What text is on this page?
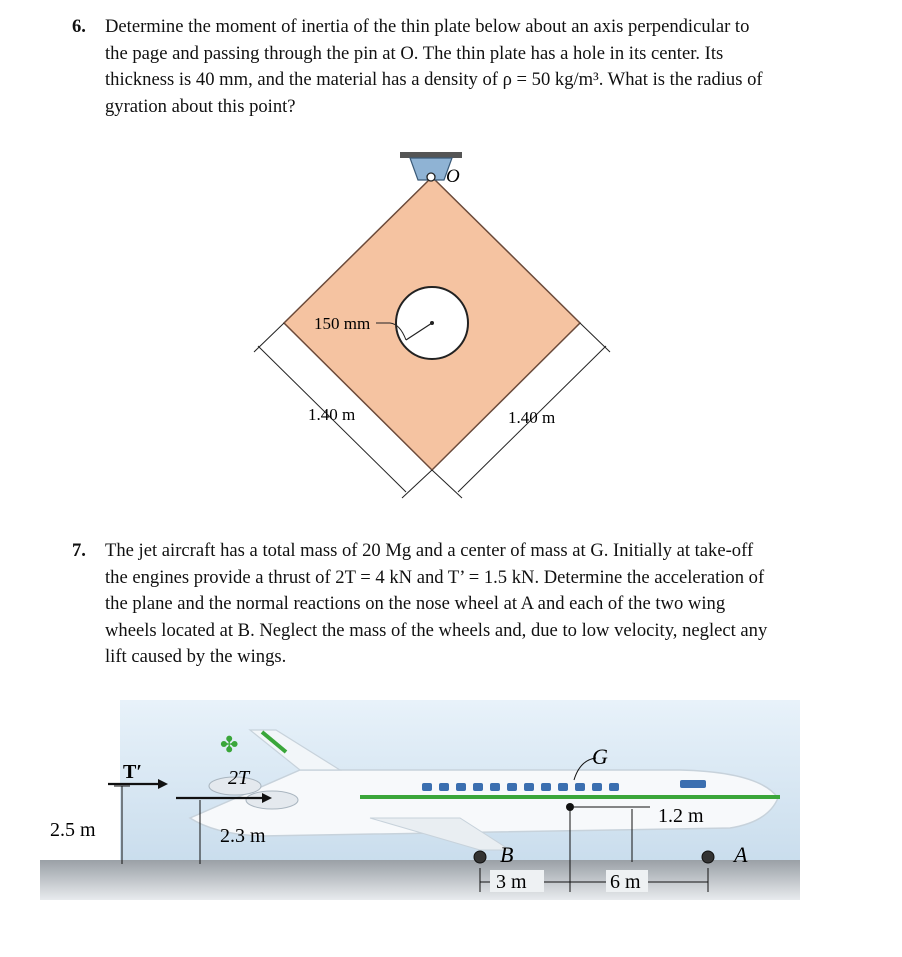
6. Determine the moment of inertia of the thin plate below about an axis perpendicular to
the page and passing through the pin at O. The thin plate has a hole in its center. Its
thickness is 40 mm, and the material has a density of ρ = 50 kg/m³. What is the radius of
gyration about this point?
150 mm
O
1.40 m	1.40 m
7. The jet aircraft has a total mass of 20 Mg and a center of mass at G. Initially at take-off
the engines provide a thrust of 2T = 4 kN and T’ = 1.5 kN. Determine the acceleration of
the plane and the normal reactions on the nose wheel at A and each of the two wing
wheels located at B. Neglect the mass of the wheels and, due to low velocity, neglect any
lift caused by the wings.
✤
T′	2T
2.5 m	2.3 m
G
1.2 m
B	A
3 m	6 m
